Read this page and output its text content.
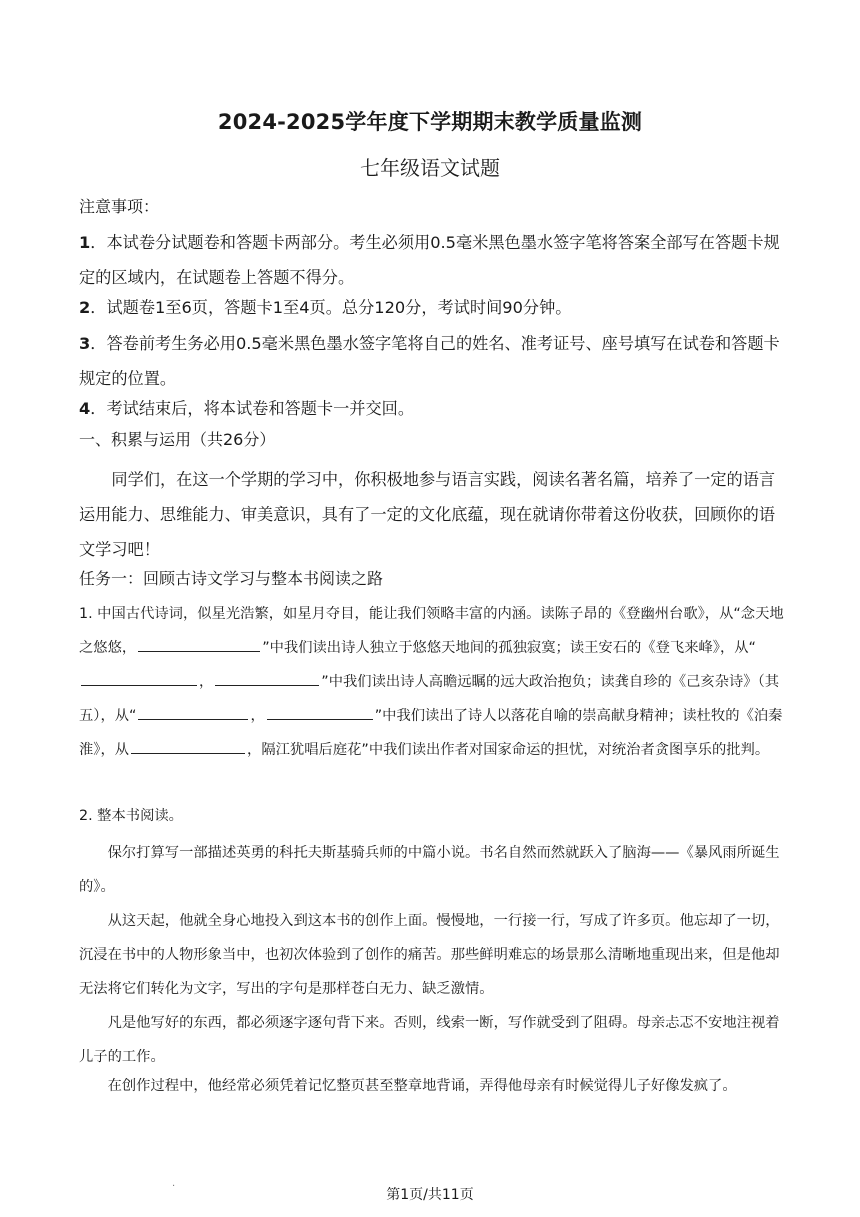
2024-2025学年度下学期期末教学质量监测
七年级语文试题
注意事项：
1．本试卷分试题卷和答题卡两部分。考生必须用0.5毫米黑色墨水签字笔将答案全部写在答题卡规定的区域内，在试题卷上答题不得分。
2．试题卷1至6页，答题卡1至4页。总分120分，考试时间90分钟。
3．答卷前考生务必用0.5毫米黑色墨水签字笔将自己的姓名、准考证号、座号填写在试卷和答题卡规定的位置。
4．考试结束后，将本试卷和答题卡一并交回。
一、积累与运用（共26分）
同学们，在这一个学期的学习中，你积极地参与语言实践，阅读名著名篇，培养了一定的语言运用能力、思维能力、审美意识，具有了一定的文化底蕴，现在就请你带着这份收获，回顾你的语文学习吧！
任务一：回顾古诗文学习与整本书阅读之路
1. 中国古代诗词，似星光浩繁，如星月夺目，能让我们领略丰富的内涵。读陈子昂的《登幽州台歌》，从“念天地之悠悠，	”中我们读出诗人独立于悠悠天地间的孤独寂寞；读王安石的《登飞来峰》，从“，	”中我们读出诗人高瞻远瞩的远大政治抱负；读龚自珍的《己亥杂诗》（其五），从“	，	”中我们读出了诗人以落花自喻的崇高献身精神；读杜牧的《泊秦淮》，从	，隔江犹唱后庭花”中我们读出作者对国家命运的担忧，对统治者贪图享乐的批判。
2. 整本书阅读。
保尔打算写一部描述英勇的科托夫斯基骑兵师的中篇小说。书名自然而然就跃入了脑海——《暴风雨所诞生的》。
从这天起，他就全身心地投入到这本书的创作上面。慢慢地，一行接一行，写成了许多页。他忘却了一切，沉浸在书中的人物形象当中，也初次体验到了创作的痛苦。那些鲜明难忘的场景那么清晰地重现出来，但是他却无法将它们转化为文字，写出的字句是那样苍白无力、缺乏激情。
凡是他写好的东西，都必须逐字逐句背下来。否则，线索一断，写作就受到了阻碍。母亲忐忑不安地注视着儿子的工作。
在创作过程中，他经常必须凭着记忆整页甚至整章地背诵，弄得他母亲有时候觉得儿子好像发疯了。
.
第1页/共11页
